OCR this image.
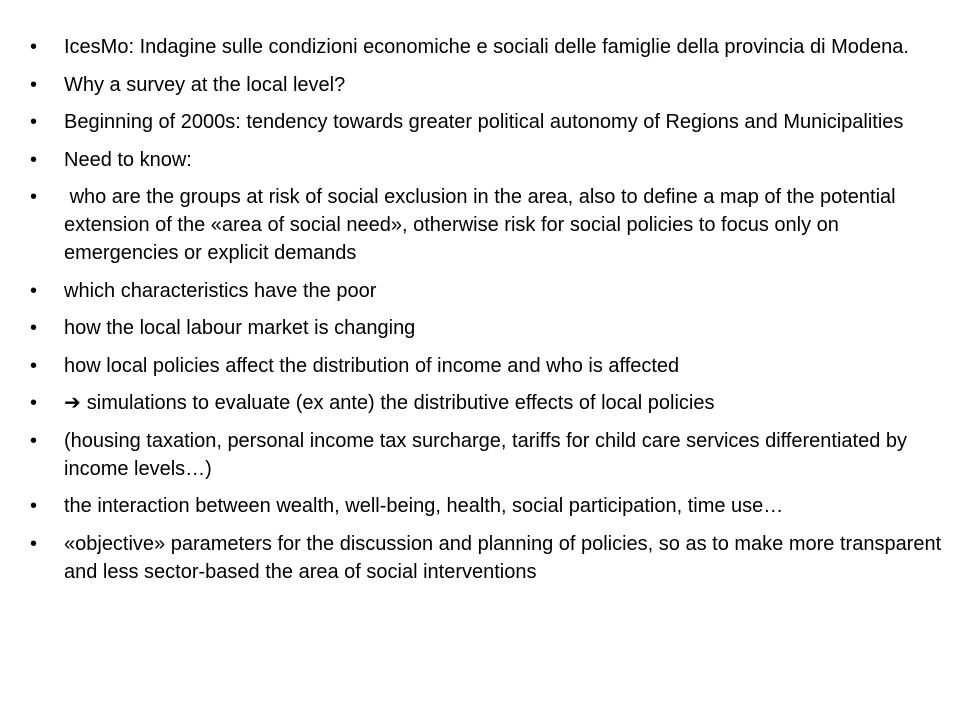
• IcesMo: Indagine sulle condizioni economiche e sociali delle famiglie della provincia di Modena.
• Why a survey at the local level?
• Beginning of 2000s: tendency towards greater political autonomy of Regions and Municipalities
• Need to know:
• who are the groups at risk of social exclusion in the area, also to define a map of the potential extension of the «area of social need», otherwise risk for social policies to focus only on emergencies or explicit demands
• which characteristics have the poor
• how the local labour market is changing
• how local policies affect the distribution of income and who is affected
• ➔ simulations to evaluate (ex ante) the distributive effects of local policies
• (housing taxation, personal income tax surcharge, tariffs for child care services differentiated by income levels…)
• the interaction between wealth, well-being, health, social participation, time use…
• «objective» parameters for the discussion and planning of policies, so as to make more transparent and less sector-based the area of social interventions
